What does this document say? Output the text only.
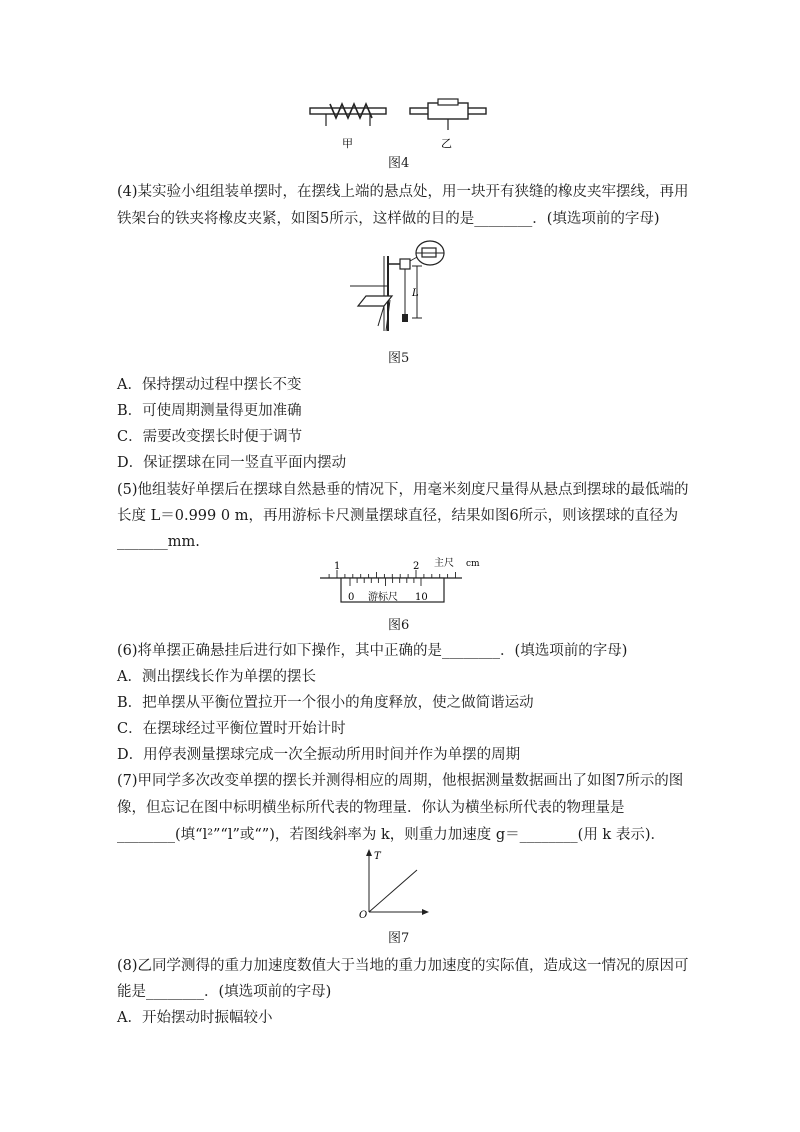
甲	乙
图4
(4)某实验小组组装单摆时，在摆线上端的悬点处，用一块开有狭缝的橡皮夹牢摆线，再用
铁架台的铁夹将橡皮夹紧，如图5所示，这样做的目的是________．(填选项前的字母)
L
图5
A．保持摆动过程中摆长不变
B．可使周期测量得更加准确
C．需要改变摆长时便于调节
D．保证摆球在同一竖直平面内摆动
(5)他组装好单摆后在摆球自然悬垂的情况下，用毫米刻度尺量得从悬点到摆球的最低端的
长度 L＝0.999 0 m，再用游标卡尺测量摆球直径，结果如图6所示，则该摆球的直径为
_______mm.
1	2 主尺 cm
0 游标尺 10
图6
(6)将单摆正确悬挂后进行如下操作，其中正确的是________．(填选项前的字母)
A．测出摆线长作为单摆的摆长
B．把单摆从平衡位置拉开一个很小的角度释放，使之做简谐运动
C．在摆球经过平衡位置时开始计时
D．用停表测量摆球完成一次全振动所用时间并作为单摆的周期
(7)甲同学多次改变单摆的摆长并测得相应的周期，他根据测量数据画出了如图7所示的图
像，但忘记在图中标明横坐标所代表的物理量．你认为横坐标所代表的物理量是
________(填“l²”“l”或“”)，若图线斜率为 k，则重力加速度 g＝________(用 k 表示)．
T
O
图7
(8)乙同学测得的重力加速度数值大于当地的重力加速度的实际值，造成这一情况的原因可
能是________．(填选项前的字母)
A．开始摆动时振幅较小
